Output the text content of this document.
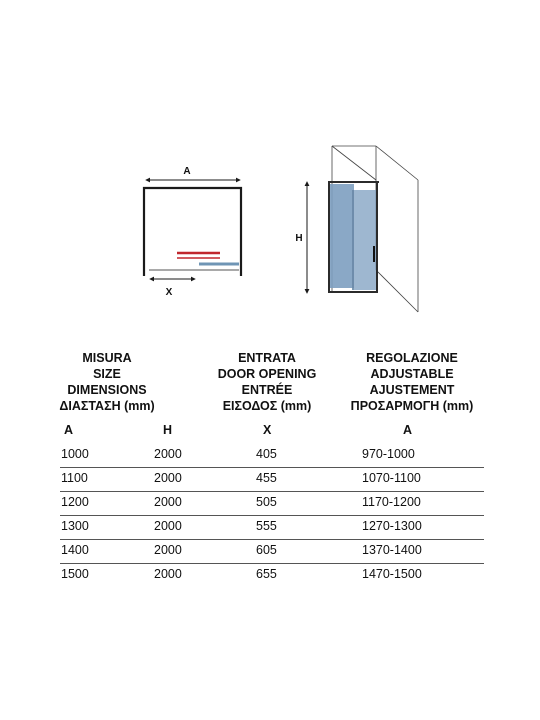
A
X
H
MISURA
SIZE
DIMENSIONS
ΔΙΑΣΤΑΣΗ (mm)
ENTRATA
DOOR OPENING
ENTRÉE
ΕΙΣΟΔΟΣ (mm)
REGOLAZIONE
ADJUSTABLE
AJUSTEMENT
ΠΡΟΣΑΡΜΟΓΗ (mm)
A	H	X	A
1000	2000	405	970-1000
1100	2000	455	1070-1100
1200	2000	505	1170-1200
1300	2000	555	1270-1300
1400	2000	605	1370-1400
1500	2000	655	1470-1500
